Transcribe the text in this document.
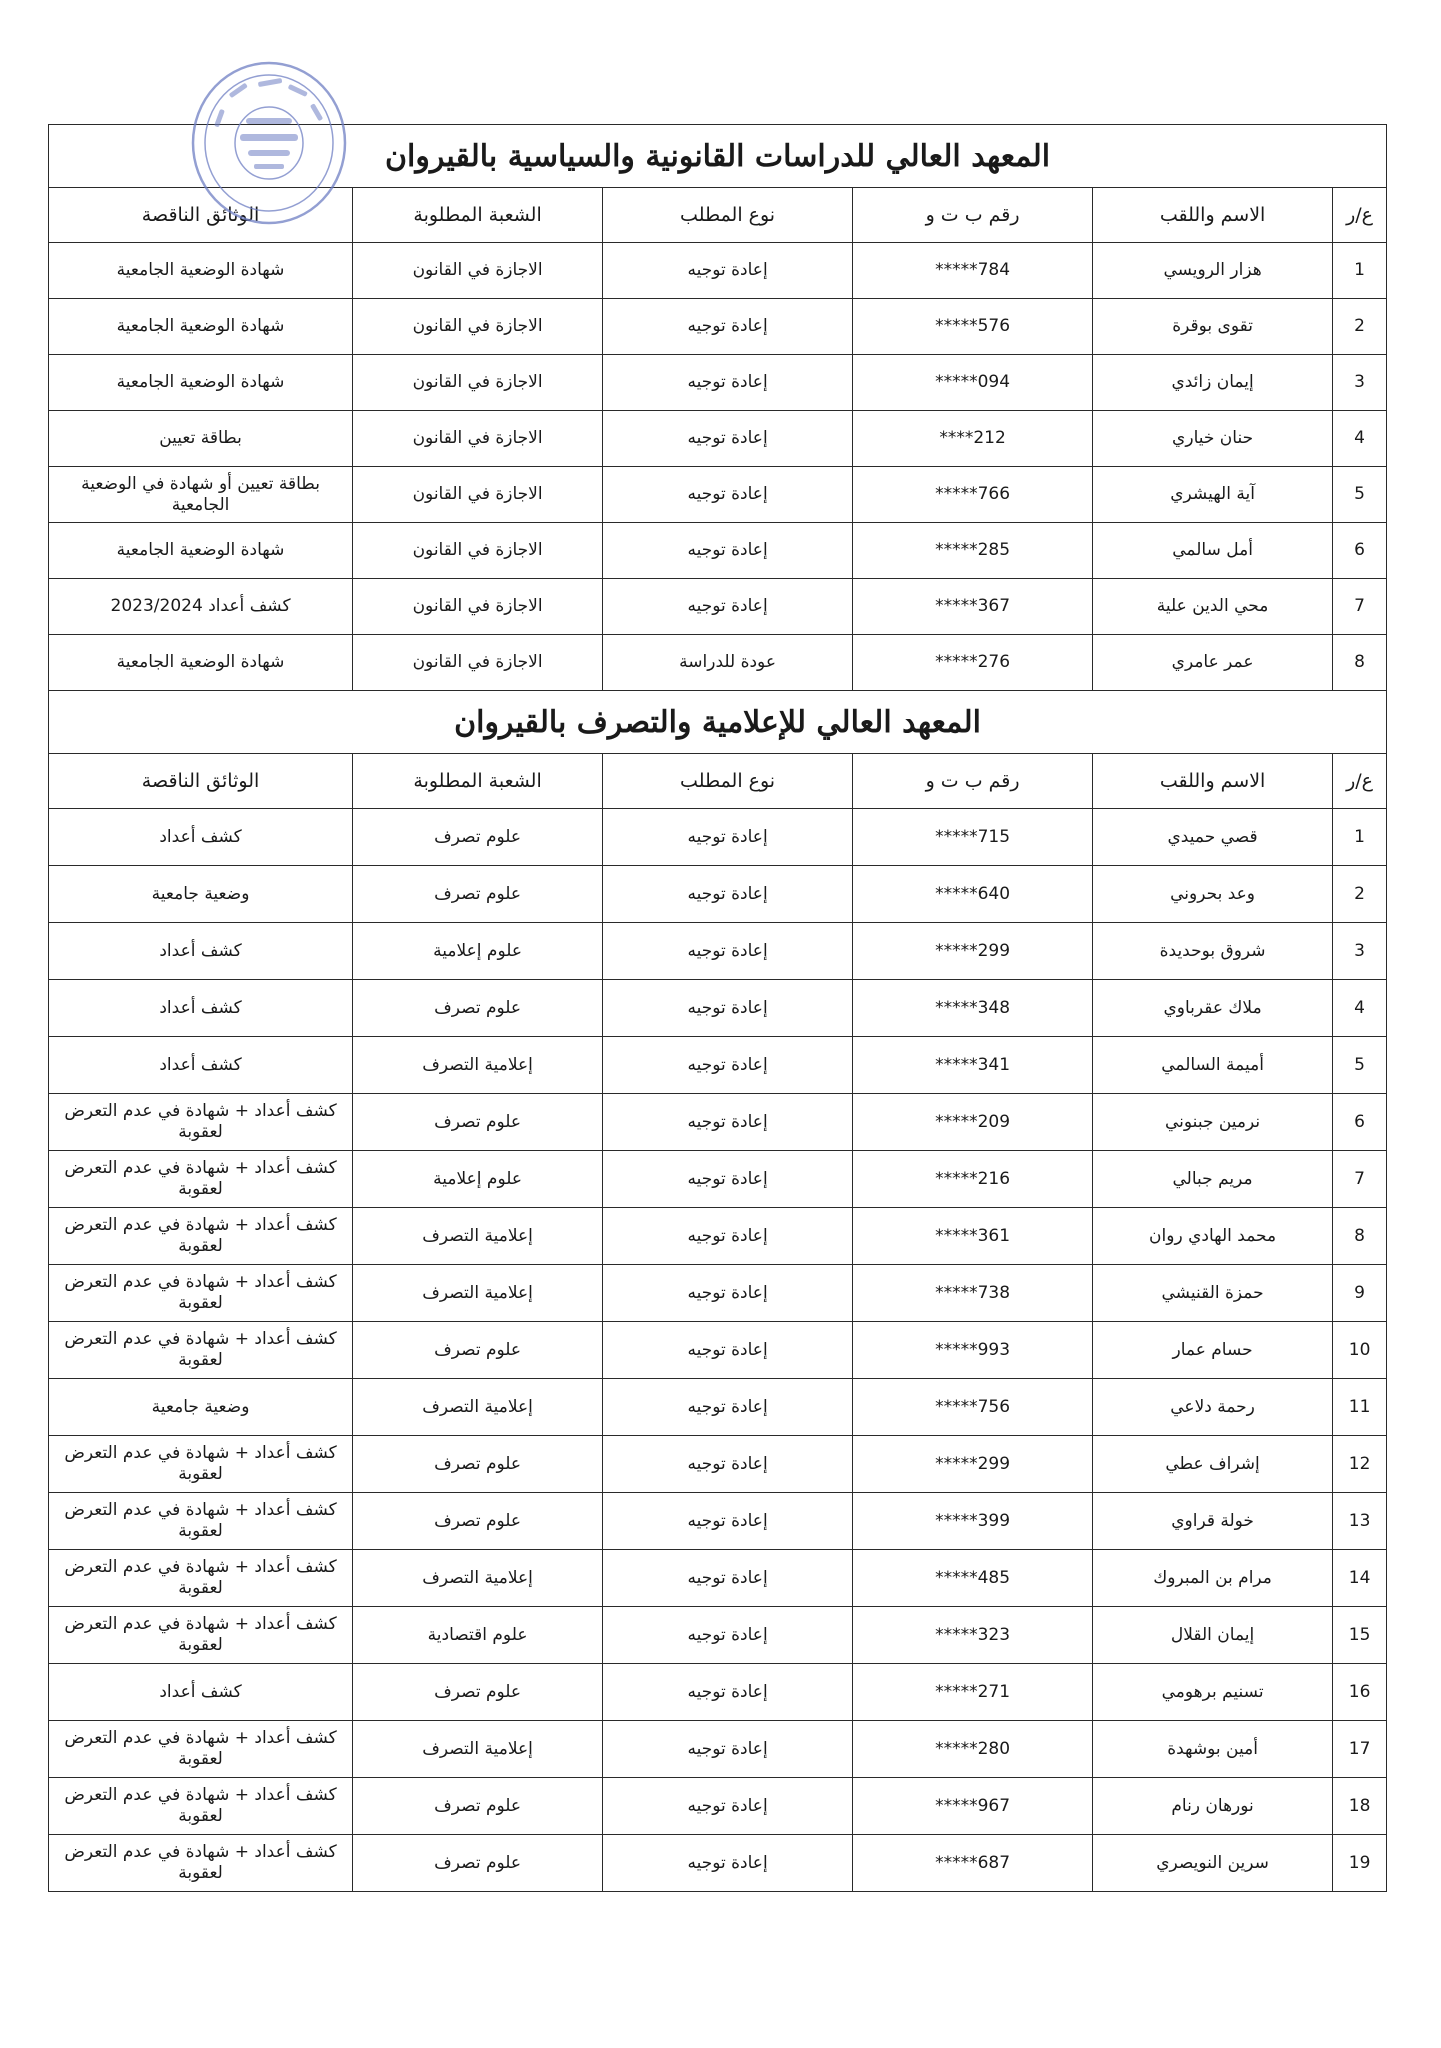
المعهد العالي للدراسات القانونية والسياسية بالقيروان					
ع/ر	الاسم واللقب	رقم ب ت و	نوع المطلب	الشعبة المطلوبة	الوثائق الناقصة
1	هزار الرويسي	*****784	إعادة توجيه	الاجازة في القانون	شهادة الوضعية الجامعية
2	تقوى بوقرة	*****576	إعادة توجيه	الاجازة في القانون	شهادة الوضعية الجامعية
3	إيمان زائدي	*****094	إعادة توجيه	الاجازة في القانون	شهادة الوضعية الجامعية
4	حنان خياري	****212	إعادة توجيه	الاجازة في القانون	بطاقة تعيين
5	آية الهيشري	*****766	إعادة توجيه	الاجازة في القانون	بطاقة تعيين أو شهادة في الوضعية الجامعية
6	أمل سالمي	*****285	إعادة توجيه	الاجازة في القانون	شهادة الوضعية الجامعية
7	محي الدين علية	*****367	إعادة توجيه	الاجازة في القانون	كشف أعداد 2023/2024
8	عمر عامري	*****276	عودة للدراسة	الاجازة في القانون	شهادة الوضعية الجامعية
المعهد العالي للإعلامية والتصرف بالقيروان					
ع/ر	الاسم واللقب	رقم ب ت و	نوع المطلب	الشعبة المطلوبة	الوثائق الناقصة
1	قصي حميدي	*****715	إعادة توجيه	علوم تصرف	كشف أعداد
2	وعد بحروني	*****640	إعادة توجيه	علوم تصرف	وضعية جامعية
3	شروق بوحديدة	*****299	إعادة توجيه	علوم إعلامية	كشف أعداد
4	ملاك عقرباوي	*****348	إعادة توجيه	علوم تصرف	كشف أعداد
5	أميمة السالمي	*****341	إعادة توجيه	إعلامية التصرف	كشف أعداد
6	نرمين جبنوني	*****209	إعادة توجيه	علوم تصرف	كشف أعداد + شهادة في عدم التعرض لعقوبة
7	مريم جبالي	*****216	إعادة توجيه	علوم إعلامية	كشف أعداد + شهادة في عدم التعرض لعقوبة
8	محمد الهادي روان	*****361	إعادة توجيه	إعلامية التصرف	كشف أعداد + شهادة في عدم التعرض لعقوبة
9	حمزة القنيشي	*****738	إعادة توجيه	إعلامية التصرف	كشف أعداد + شهادة في عدم التعرض لعقوبة
10	حسام عمار	*****993	إعادة توجيه	علوم تصرف	كشف أعداد + شهادة في عدم التعرض لعقوبة
11	رحمة دلاعي	*****756	إعادة توجيه	إعلامية التصرف	وضعية جامعية
12	إشراف عطي	*****299	إعادة توجيه	علوم تصرف	كشف أعداد + شهادة في عدم التعرض لعقوبة
13	خولة قراوي	*****399	إعادة توجيه	علوم تصرف	كشف أعداد + شهادة في عدم التعرض لعقوبة
14	مرام بن المبروك	*****485	إعادة توجيه	إعلامية التصرف	كشف أعداد + شهادة في عدم التعرض لعقوبة
15	إيمان القلال	*****323	إعادة توجيه	علوم اقتصادية	كشف أعداد + شهادة في عدم التعرض لعقوبة
16	تسنيم برهومي	*****271	إعادة توجيه	علوم تصرف	كشف أعداد
17	أمين بوشهدة	*****280	إعادة توجيه	إعلامية التصرف	كشف أعداد + شهادة في عدم التعرض لعقوبة
18	نورهان رنام	*****967	إعادة توجيه	علوم تصرف	كشف أعداد + شهادة في عدم التعرض لعقوبة
19	سرين النويصري	*****687	إعادة توجيه	علوم تصرف	كشف أعداد + شهادة في عدم التعرض لعقوبة
